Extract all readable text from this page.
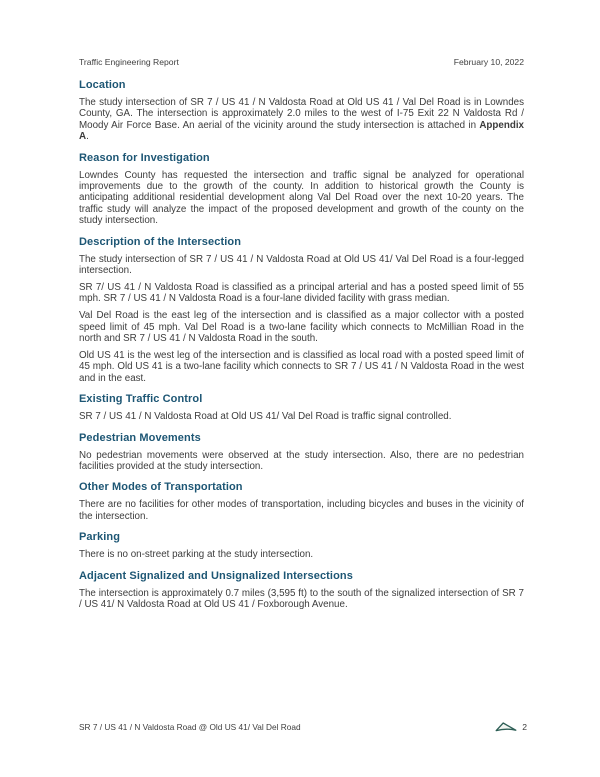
Traffic Engineering Report	February 10, 2022
Location

The study intersection of SR 7 / US 41 / N Valdosta Road at Old US 41 / Val Del Road is in Lowndes County, GA. The intersection is approximately 2.0 miles to the west of I-75 Exit 22 N Valdosta Rd / Moody Air Force Base. An aerial of the vicinity around the study intersection is attached in Appendix A.

Reason for Investigation

Lowndes County has requested the intersection and traffic signal be analyzed for operational improvements due to the growth of the county. In addition to historical growth the County is anticipating additional residential development along Val Del Road over the next 10-20 years. The traffic study will analyze the impact of the proposed development and growth of the county on the study intersection.

Description of the Intersection

The study intersection of SR 7 / US 41 / N Valdosta Road at Old US 41/ Val Del Road is a four-legged intersection.

SR 7/ US 41 / N Valdosta Road is classified as a principal arterial and has a posted speed limit of 55 mph. SR 7 / US 41 / N Valdosta Road is a four-lane divided facility with grass median.

Val Del Road is the east leg of the intersection and is classified as a major collector with a posted speed limit of 45 mph. Val Del Road is a two-lane facility which connects to McMillian Road in the north and SR 7 / US 41 / N Valdosta Road in the south.

Old US 41 is the west leg of the intersection and is classified as local road with a posted speed limit of 45 mph. Old US 41 is a two-lane facility which connects to SR 7 / US 41 / N Valdosta Road in the west and in the east.

Existing Traffic Control

SR 7 / US 41 / N Valdosta Road at Old US 41/ Val Del Road is traffic signal controlled.

Pedestrian Movements

No pedestrian movements were observed at the study intersection. Also, there are no pedestrian facilities provided at the study intersection.

Other Modes of Transportation

There are no facilities for other modes of transportation, including bicycles and buses in the vicinity of the intersection.

Parking

There is no on-street parking at the study intersection.

Adjacent Signalized and Unsignalized Intersections

The intersection is approximately 0.7 miles (3,595 ft) to the south of the signalized intersection of SR 7 / US 41/ N Valdosta Road at Old US 41 / Foxborough Avenue.

SR 7 / US 41 / N Valdosta Road @ Old US 41/ Val Del Road	2
